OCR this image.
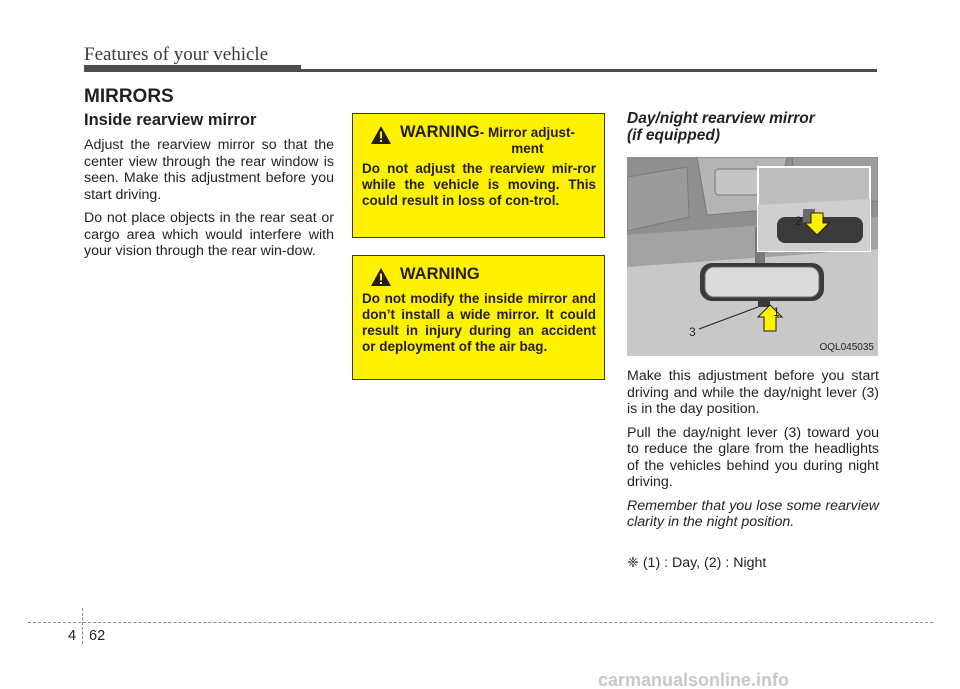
Features of your vehicle
MIRRORS
Inside rearview mirror

Adjust the rearview mirror so that the center view through the rear window is seen. Make this adjustment before you start driving.

Do not place objects in the rear seat or cargo area which would interfere with your vision through the rear win-dow.

WARNING - Mirror adjust-
ment

Do not adjust the rearview mir-ror while the vehicle is moving. This could result in loss of con-trol.

WARNING

Do not modify the inside mirror and don’t install a wide mirror. It could result in injury during an accident or deployment of the air bag.

Day/night rearview mirror
(if equipped)
2
1
3
OQL045035

Make this adjustment before you start driving and while the day/night lever (3) is in the day position.

Pull the day/night lever (3) toward you to reduce the glare from the headlights of the vehicles behind you during night driving.

Remember that you lose some rearview clarity in the night position.

❈ (1) : Day, (2) : Night
4 62
carmanualsonline.info
